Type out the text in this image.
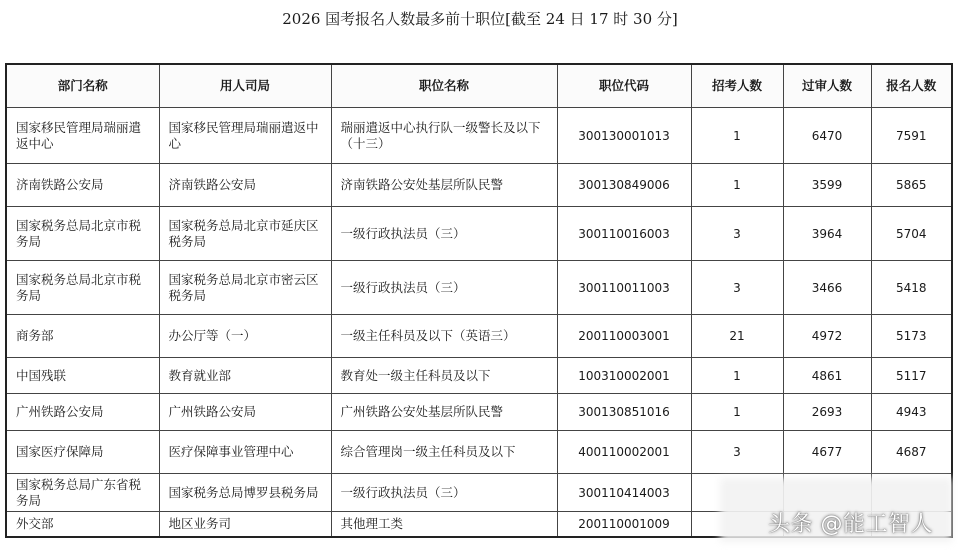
2026 国考报名人数最多前十职位[截至 24 日 17 时 30 分]
部门名称	用人司局	职位名称	职位代码	招考人数	过审人数	报名人数
国家移民管理局瑞丽遣返中心	国家移民管理局瑞丽遣返中心	瑞丽遣返中心执行队一级警长及以下（十三）	300130001013	1	6470	7591
济南铁路公安局	济南铁路公安局	济南铁路公安处基层所队民警	300130849006	1	3599	5865
国家税务总局北京市税务局	国家税务总局北京市延庆区税务局	一级行政执法员（三）	300110016003	3	3964	5704
国家税务总局北京市税务局	国家税务总局北京市密云区税务局	一级行政执法员（三）	300110011003	3	3466	5418
商务部	办公厅等（一）	一级主任科员及以下（英语三）	200110003001	21	4972	5173
中国残联	教育就业部	教育处一级主任科员及以下	100310002001	1	4861	5117
广州铁路公安局	广州铁路公安局	广州铁路公安处基层所队民警	300130851016	1	2693	4943
国家医疗保障局	医疗保障事业管理中心	综合管理岗一级主任科员及以下	400110002001	3	4677	4687
国家税务总局广东省税务局	国家税务总局博罗县税务局	一级行政执法员（三）	300110414003			
外交部	地区业务司	其他理工类	200110001009				头条 @能工智人
